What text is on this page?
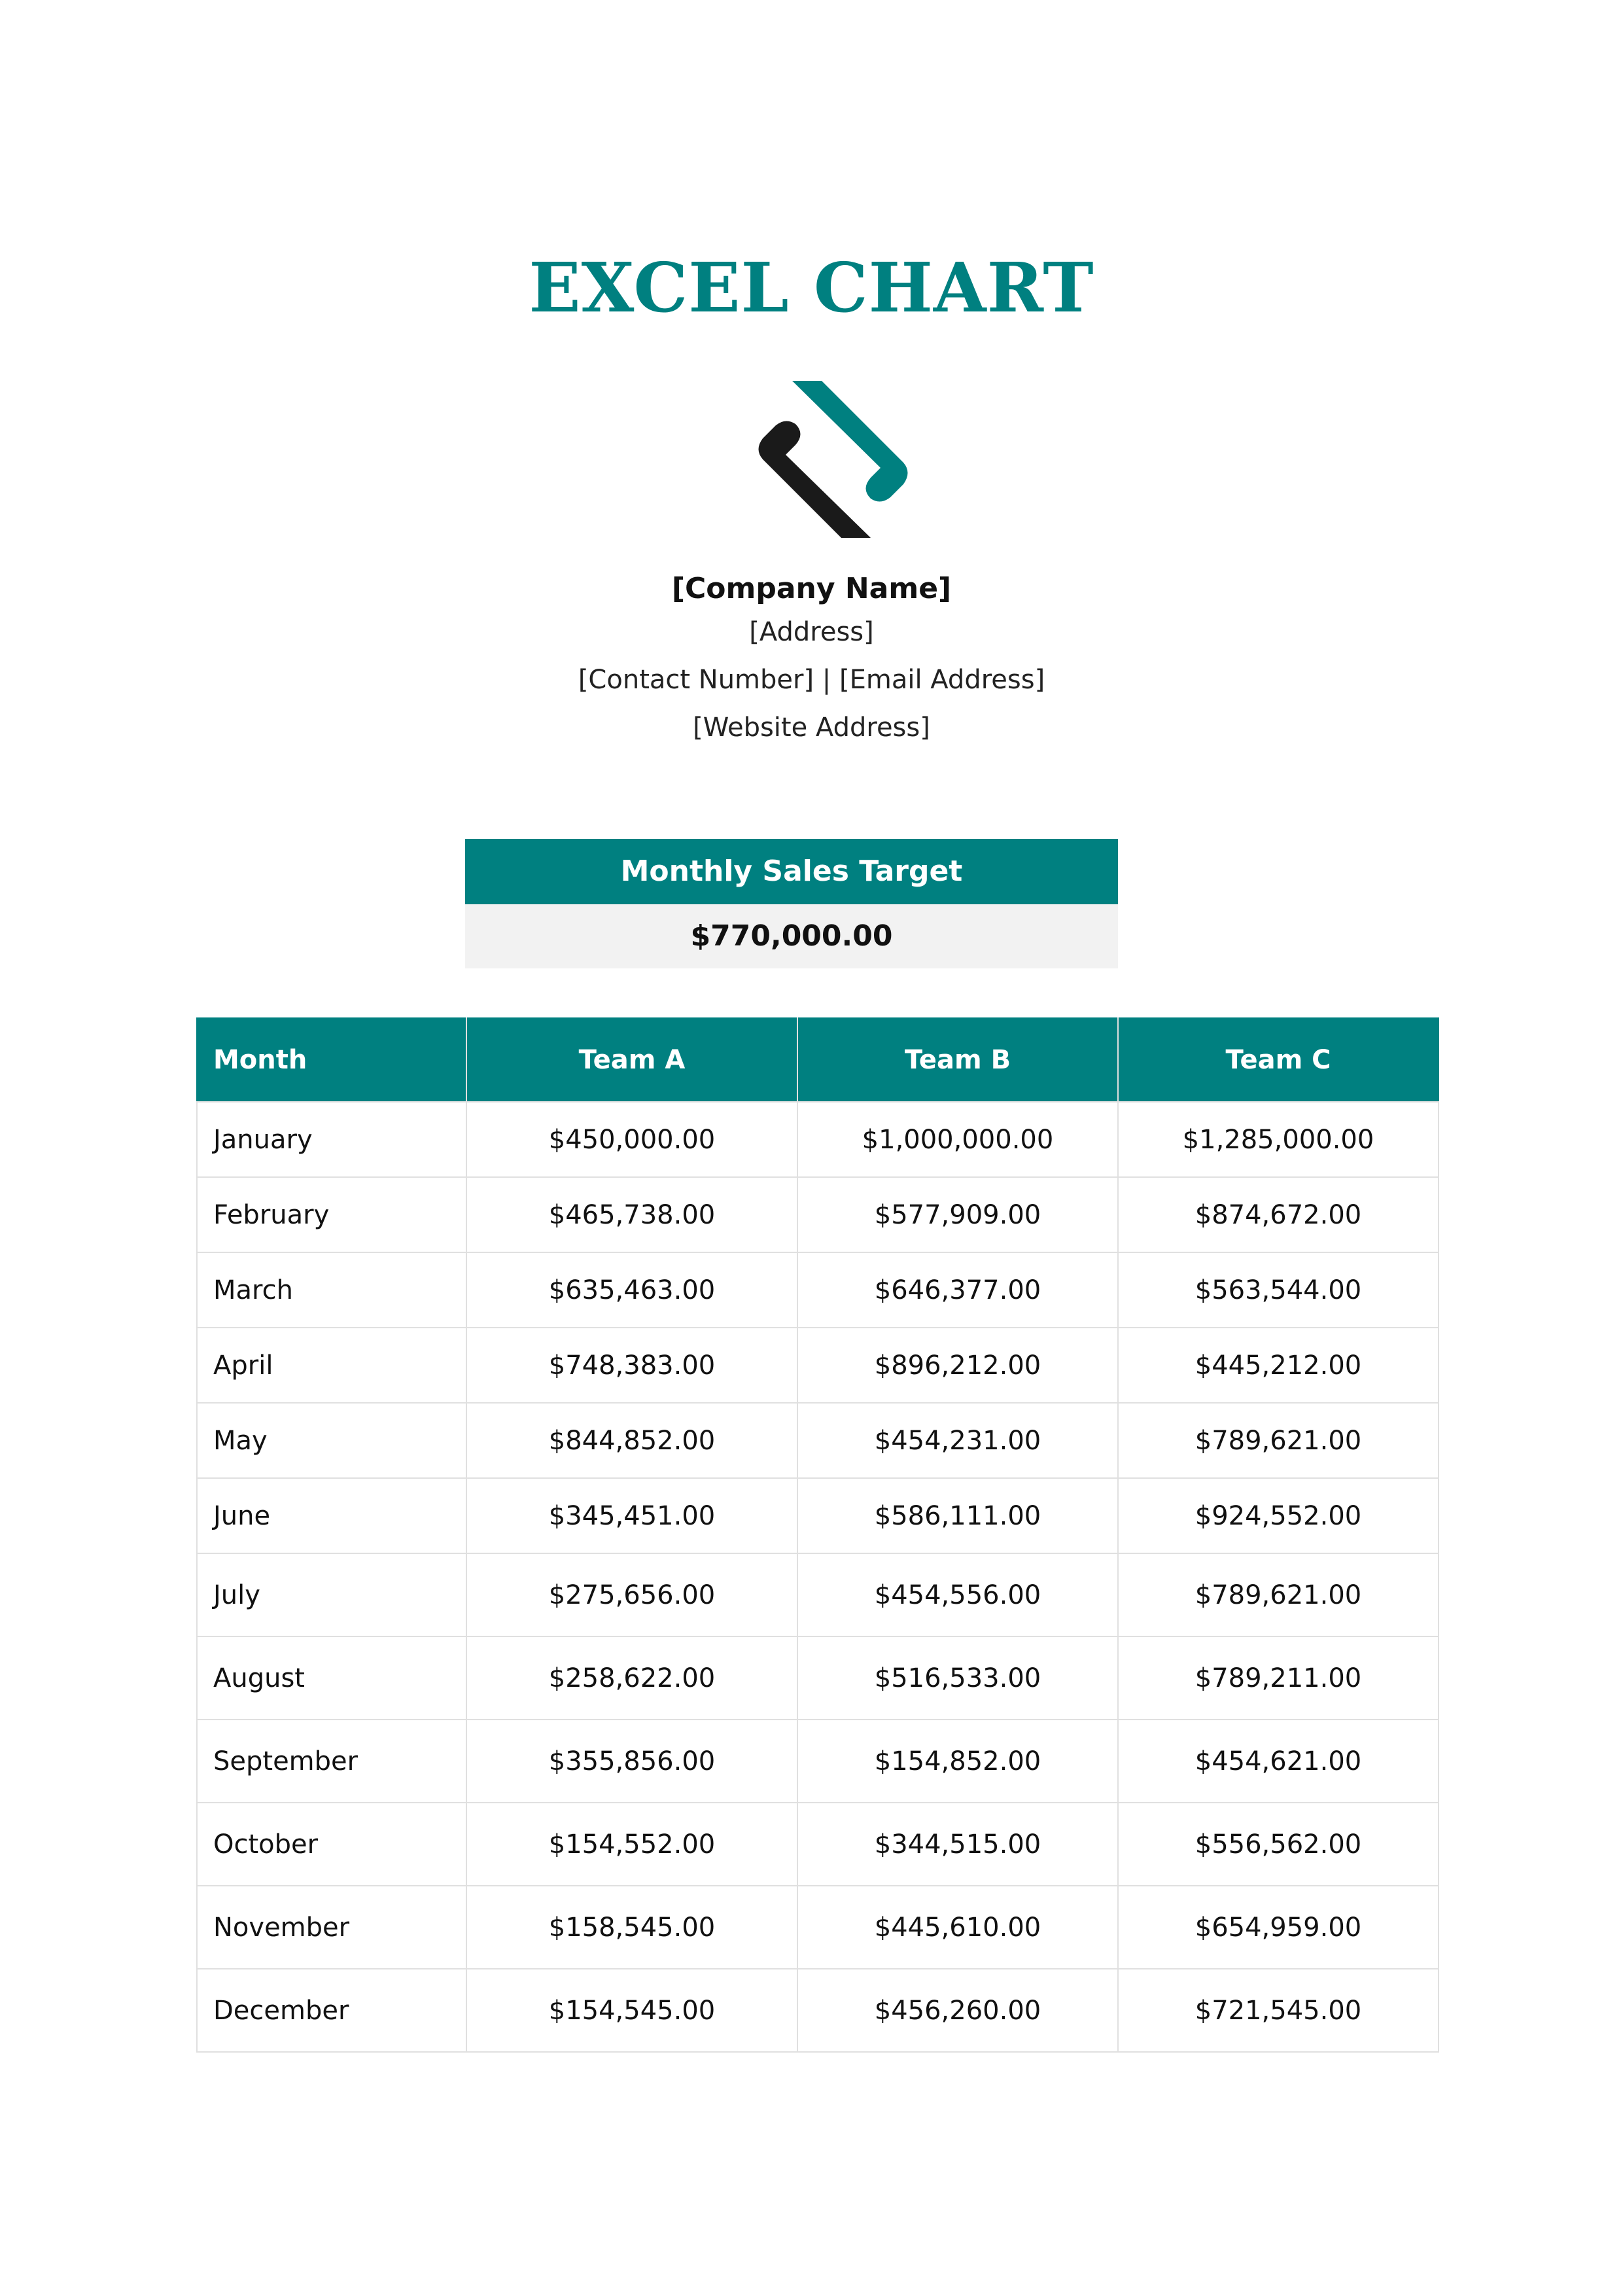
EXCEL CHART
[Company Name]
[Address]
[Contact Number] | [Email Address]
[Website Address]
Monthly Sales Target
$770,000.00
Month	Team A	Team B	Team C
January	$450,000.00	$1,000,000.00	$1,285,000.00
February	$465,738.00	$577,909.00	$874,672.00
March	$635,463.00	$646,377.00	$563,544.00
April	$748,383.00	$896,212.00	$445,212.00
May	$844,852.00	$454,231.00	$789,621.00
June	$345,451.00	$586,111.00	$924,552.00
July	$275,656.00	$454,556.00	$789,621.00
August	$258,622.00	$516,533.00	$789,211.00
September	$355,856.00	$154,852.00	$454,621.00
October	$154,552.00	$344,515.00	$556,562.00
November	$158,545.00	$445,610.00	$654,959.00
December	$154,545.00	$456,260.00	$721,545.00
